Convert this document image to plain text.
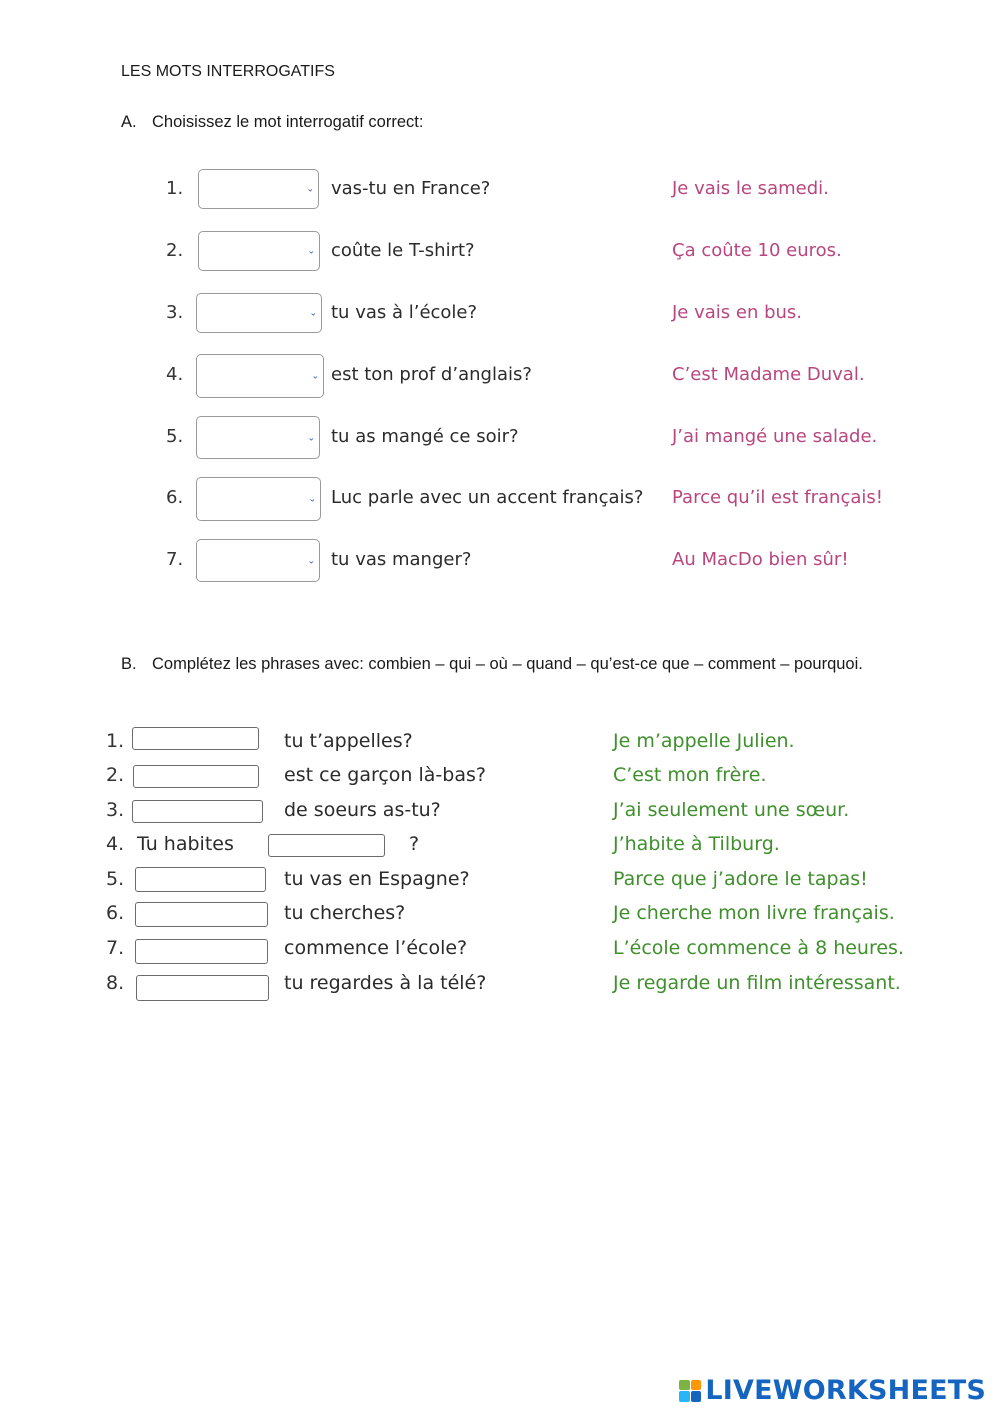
LES MOTS INTERROGATIFS
A. Choisissez le mot interrogatif correct:
1.	⌄ vas-tu en France?	Je vais le samedi.
2.	⌄ coûte le T-shirt?	Ça coûte 10 euros.
3.	⌄ tu vas à l’école?	Je vais en bus.
4.	⌄ est ton prof d’anglais?	C’est Madame Duval.
5.	⌄ tu as mangé ce soir?	J’ai mangé une salade.
6.	⌄ Luc parle avec un accent français? Parce qu’il est français!
7.	⌄ tu vas manger?	Au MacDo bien sûr!
B. Complétez les phrases avec: combien – qui – où – quand – qu’est-ce que – comment – pourquoi.
1.	tu t’appelles?	Je m’appelle Julien.
2.	est ce garçon là-bas?	C’est mon frère.
3.	de soeurs as-tu?	J’ai seulement une sœur.
4. Tu habites	?	J’habite à Tilburg.
5.	tu vas en Espagne?	Parce que j’adore le tapas!
6.	tu cherches?	Je cherche mon livre français.
7.	commence l’école?	L’école commence à 8 heures.
8.	tu regardes à la télé?	Je regarde un film intéressant.
LIVEWORKSHEETS
